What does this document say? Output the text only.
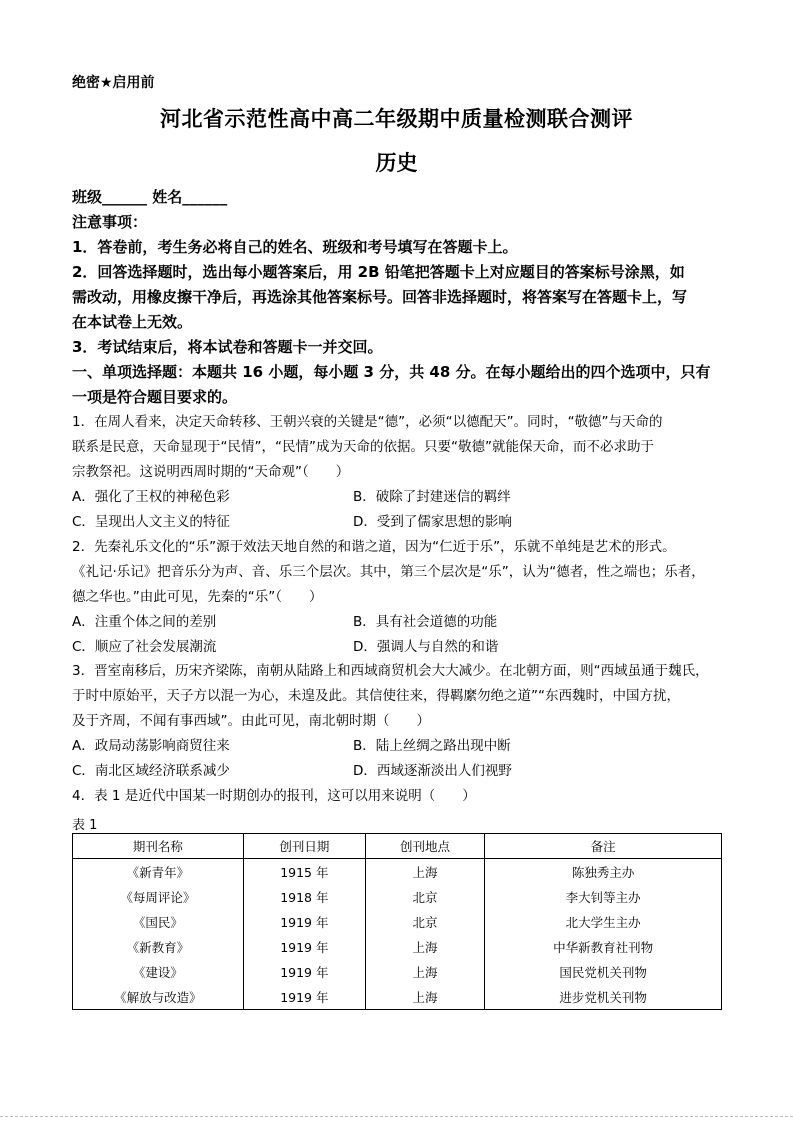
绝密★启用前
河北省示范性高中高二年级期中质量检测联合测评
历史
班级______ 姓名______
注意事项：
1．答卷前，考生务必将自己的姓名、班级和考号填写在答题卡上。
2．回答选择题时，选出每小题答案后，用 2B 铅笔把答题卡上对应题目的答案标号涂黑，如
需改动，用橡皮擦干净后，再选涂其他答案标号。回答非选择题时，将答案写在答题卡上，写
在本试卷上无效。
3．考试结束后，将本试卷和答题卡一并交回。
一、单项选择题：本题共 16 小题，每小题 3 分，共 48 分。在每小题给出的四个选项中，只有
一项是符合题目要求的。
1．在周人看来，决定天命转移、王朝兴衰的关键是“德”，必须“以德配天”。同时，“敬德”与天命的
联系是民意，天命显现于“民情”，“民情”成为天命的依据。只要“敬德”就能保天命，而不必求助于
宗教祭祀。这说明西周时期的“天命观”（　　）
A．强化了王权的神秘色彩	B．破除了封建迷信的羁绊
C．呈现出人文主义的特征	D．受到了儒家思想的影响
2．先秦礼乐文化的“乐”源于效法天地自然的和谐之道，因为“仁近于乐”，乐就不单纯是艺术的形式。
《礼记·乐记》把音乐分为声、音、乐三个层次。其中，第三个层次是“乐”，认为“德者，性之端也；乐者，
德之华也。”由此可见，先秦的“乐”（　　）
A．注重个体之间的差别	B．具有社会道德的功能
C．顺应了社会发展潮流	D．强调人与自然的和谐
3．晋室南移后，历宋齐梁陈，南朝从陆路上和西域商贸机会大大减少。在北朝方面，则“西域虽通于魏氏，
于时中原始平，天子方以混一为心，未遑及此。其信使往来，得羁縻勿绝之道”“东西魏时，中国方扰，
及于齐周，不闻有事西域”。由此可见，南北朝时期（　　）
A．政局动荡影响商贸往来	B．陆上丝绸之路出现中断
C．南北区域经济联系减少	D．西域逐渐淡出人们视野
4．表 1 是近代中国某一时期创办的报刊，这可以用来说明（　　）
表 1
期刊名称	创刊日期	创刊地点	备注
《新青年》	1915 年	上海	陈独秀主办
《每周评论》	1918 年	北京	李大钊等主办
《国民》	1919 年	北京	北大学生主办
《新教育》	1919 年	上海	中华新教育社刊物
《建设》	1919 年	上海	国民党机关刊物
《解放与改造》	1919 年	上海	进步党机关刊物
